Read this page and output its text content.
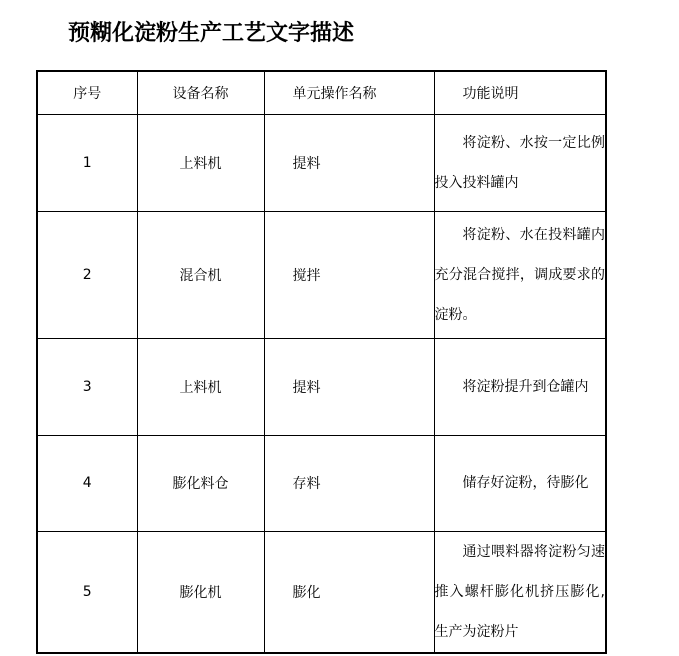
预糊化淀粉生产工艺文字描述
序号	设备名称	单元操作名称	功能说明
1	上料机	提料	将淀粉、水按一定比例投入投料罐内
2	混合机	搅拌	将淀粉、水在投料罐内充分混合搅拌，调成要求的淀粉。
3	上料机	提料	将淀粉提升到仓罐内
4	膨化料仓	存料	储存好淀粉，待膨化
5	膨化机	膨化	通过喂料器将淀粉匀速推入螺杆膨化机挤压膨化,生产为淀粉片
